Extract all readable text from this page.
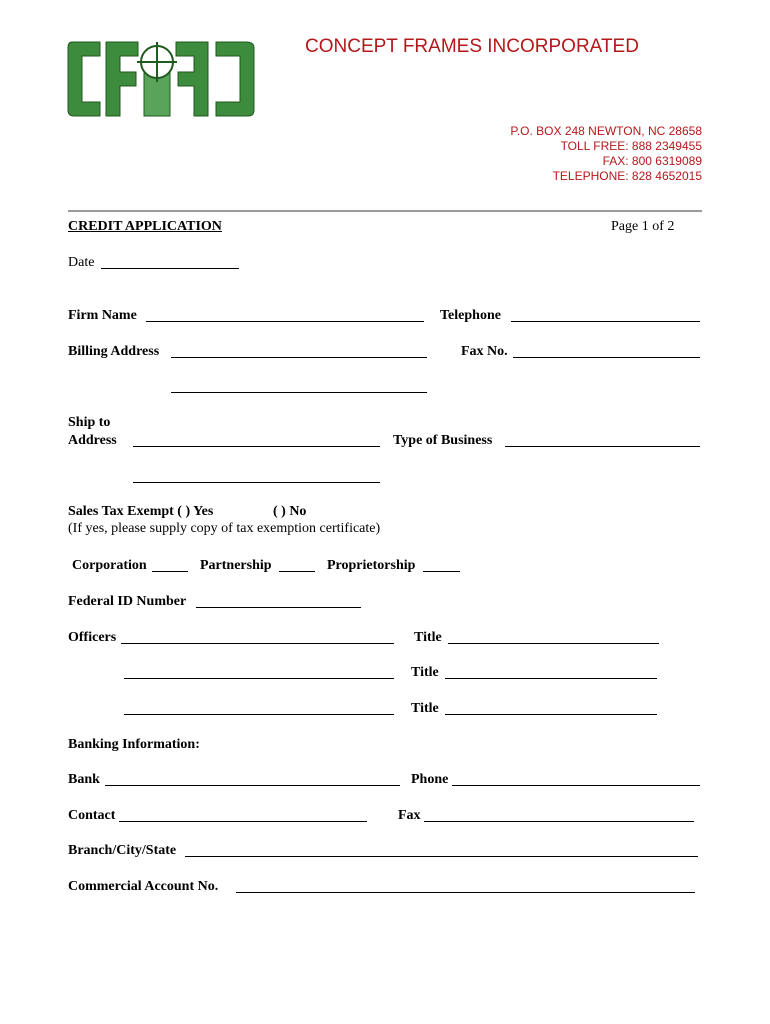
CONCEPT FRAMES INCORPORATED
P.O. BOX 248 NEWTON, NC 28658
TOLL FREE: 888 2349455
FAX: 800 6319089
TELEPHONE: 828 4652015
CREDIT APPLICATION	Page 1 of 2
Date
Firm Name	Telephone
Billing Address	Fax No.
Ship to
Address	Type of Business
Sales Tax Exempt ( ) Yes	( ) No
(If yes, please supply copy of tax exemption certificate)
Corporation	Partnership	Proprietorship
Federal ID Number
Officers	Title
Title
Title
Banking Information:
Bank	Phone
Contact	Fax
Branch/City/State
Commercial Account No.
